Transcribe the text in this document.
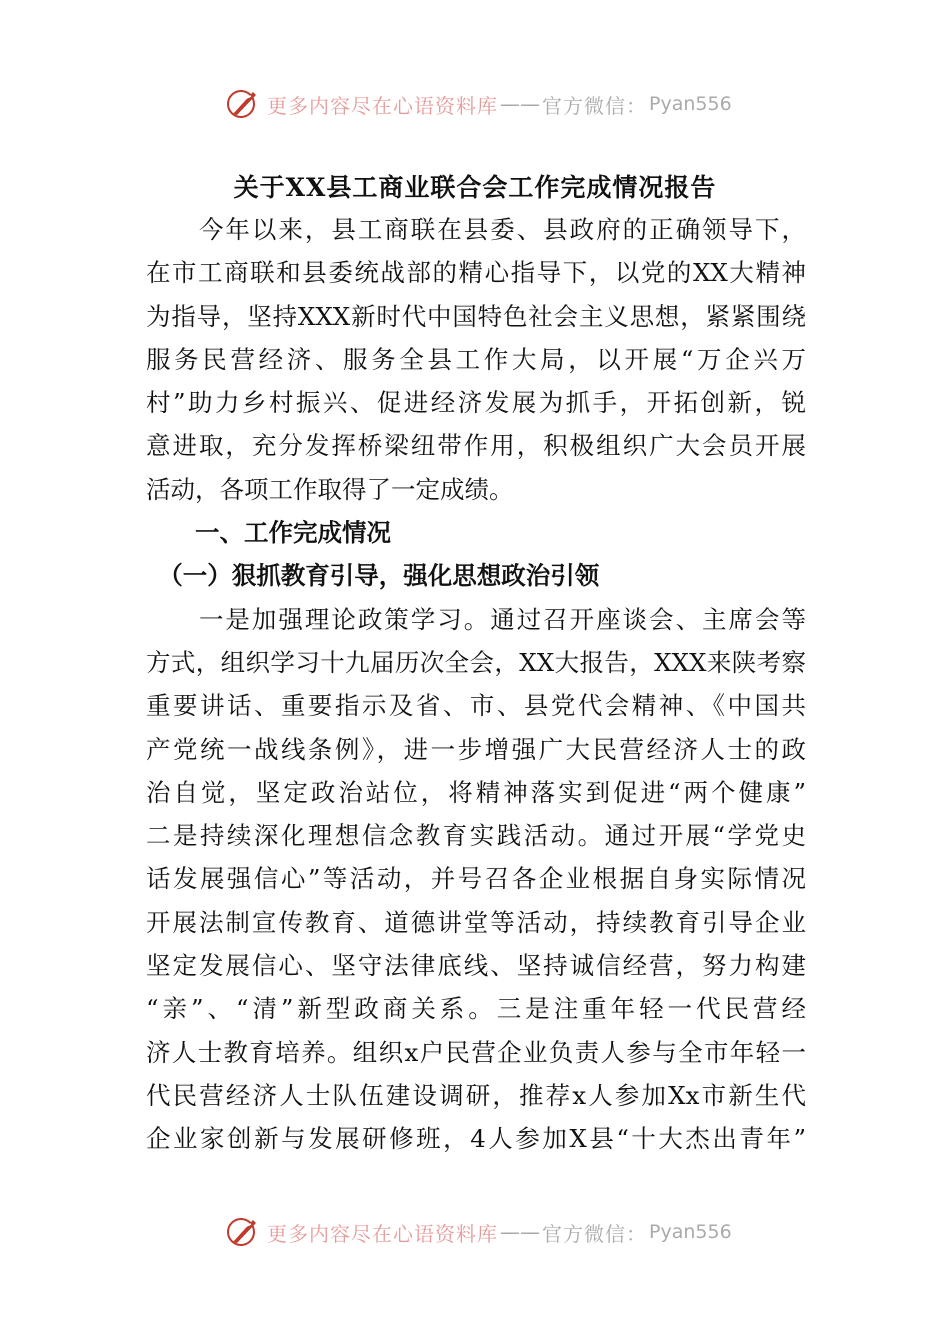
更多内容尽在心语资料库 —— 官方微信： Pyan556
关于XX县工商业联合会工作完成情况报告
　　今年以来，县工商联在县委、县政府的正确领导下，
在市工商联和县委统战部的精心指导下，以党的XX大精神
为指导，坚持XXX新时代中国特色社会主义思想，紧紧围绕
服务民营经济、服务全县工作大局，以开展“万企兴万
村”助力乡村振兴、促进经济发展为抓手，开拓创新，锐
意进取，充分发挥桥梁纽带作用，积极组织广大会员开展
活动，各项工作取得了一定成绩。
　　一、工作完成情况
　（一）狠抓教育引导，强化思想政治引领
　　一是加强理论政策学习。通过召开座谈会、主席会等
方式，组织学习十九届历次全会，XX大报告，XXX来陕考察
重要讲话、重要指示及省、市、县党代会精神、《中国共
产党统一战线条例》，进一步增强广大民营经济人士的政
治自觉，坚定政治站位，将精神落实到促进“两个健康”
二是持续深化理想信念教育实践活动。通过开展“学党史
话发展强信心”等活动，并号召各企业根据自身实际情况
开展法制宣传教育、道德讲堂等活动，持续教育引导企业
坚定发展信心、坚守法律底线、坚持诚信经营，努力构建
“亲”、“清”新型政商关系。三是注重年轻一代民营经
济人士教育培养。组织x户民营企业负责人参与全市年轻一
代民营经济人士队伍建设调研，推荐x人参加Xx市新生代
企业家创新与发展研修班，4人参加X县“十大杰出青年”
更多内容尽在心语资料库 —— 官方微信： Pyan556
